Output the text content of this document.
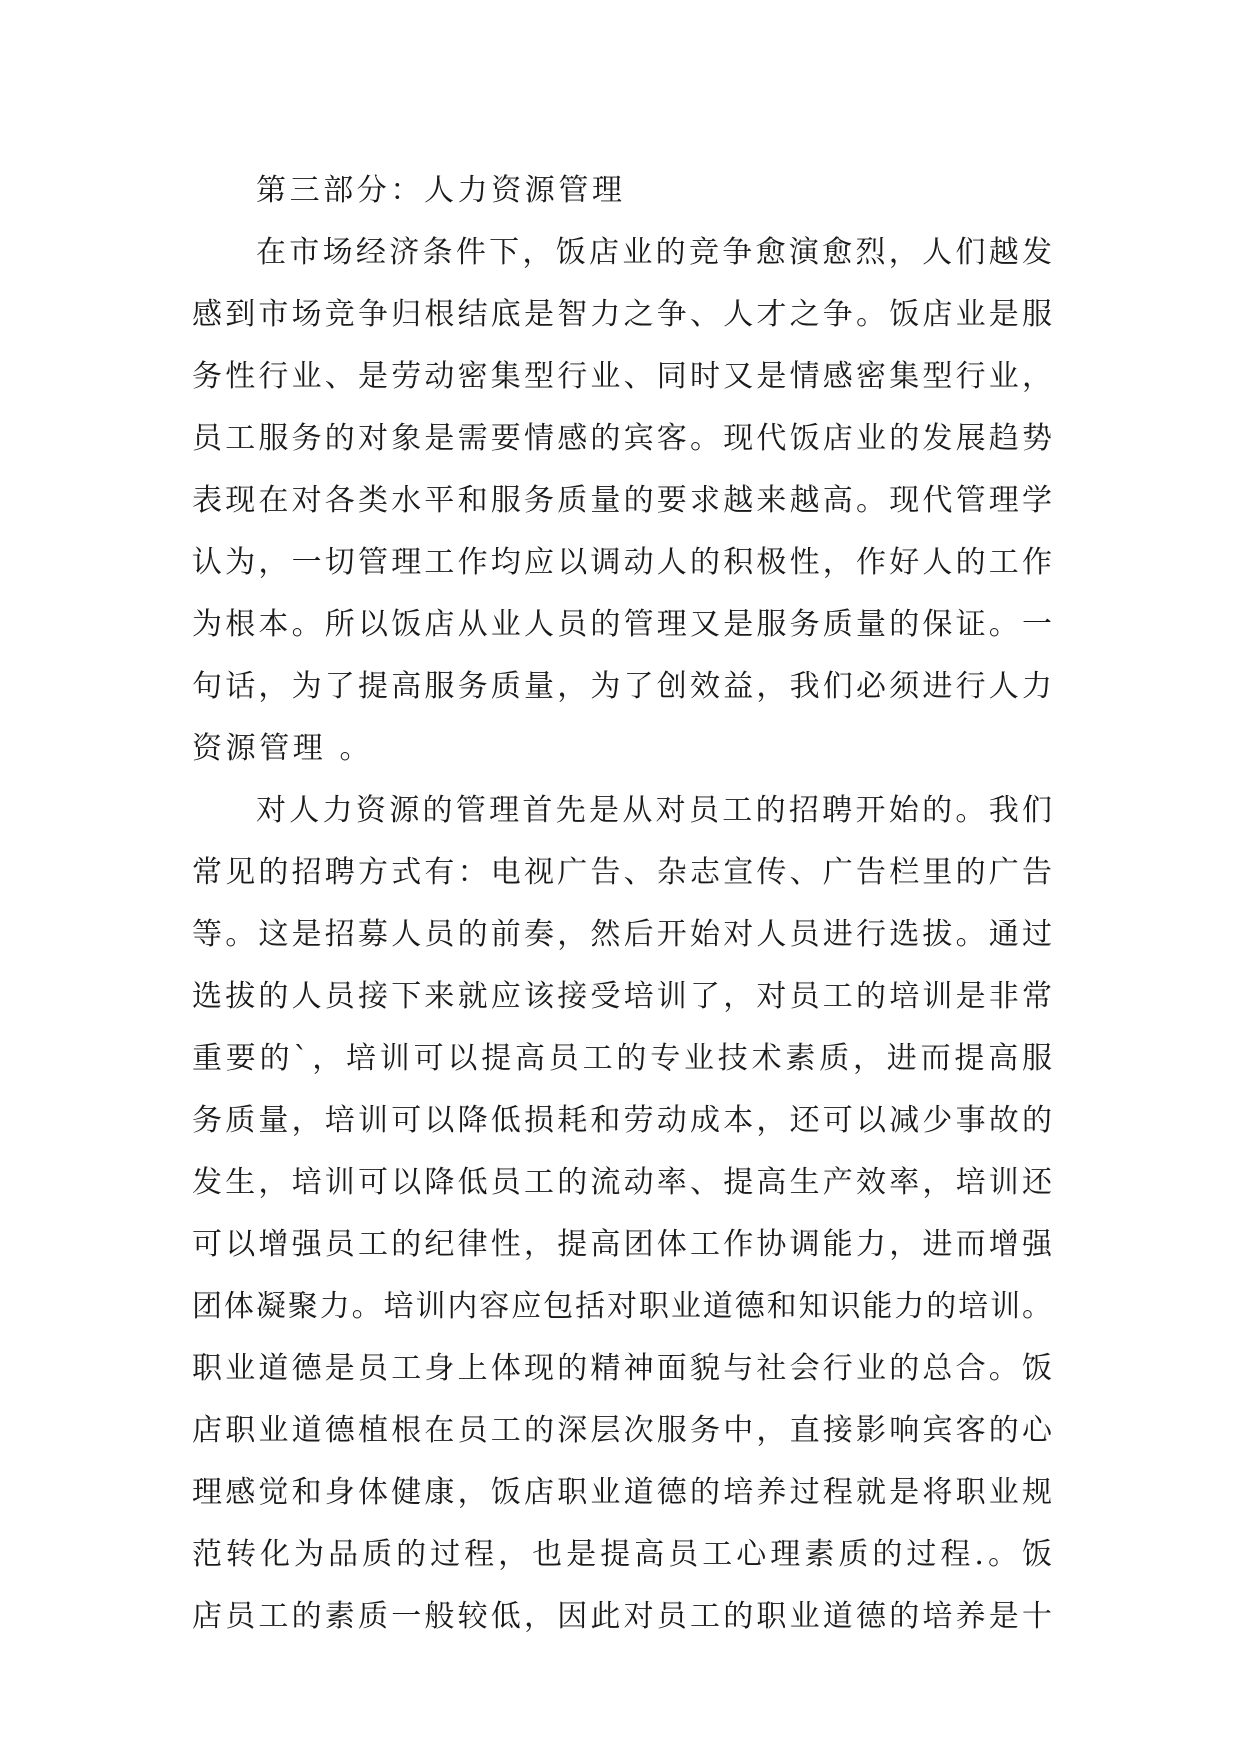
第三部分：人力资源管理
在市场经济条件下，饭店业的竞争愈演愈烈，人们越发
感到市场竞争归根结底是智力之争、人才之争。饭店业是服
务性行业、是劳动密集型行业、同时又是情感密集型行业，
员工服务的对象是需要情感的宾客。现代饭店业的发展趋势
表现在对各类水平和服务质量的要求越来越高。现代管理学
认为，一切管理工作均应以调动人的积极性，作好人的工作
为根本。所以饭店从业人员的管理又是服务质量的保证。一
句话，为了提高服务质量，为了创效益，我们必须进行人力
资源管理 。
对人力资源的管理首先是从对员工的招聘开始的。我们
常见的招聘方式有：电视广告、杂志宣传、广告栏里的广告
等。这是招募人员的前奏，然后开始对人员进行选拔。通过
选拔的人员接下来就应该接受培训了，对员工的培训是非常
重要的`，培训可以提高员工的专业技术素质，进而提高服
务质量，培训可以降低损耗和劳动成本，还可以减少事故的
发生，培训可以降低员工的流动率、提高生产效率，培训还
可以增强员工的纪律性，提高团体工作协调能力，进而增强
团体凝聚力。培训内容应包括对职业道德和知识能力的培训。
职业道德是员工身上体现的精神面貌与社会行业的总合。饭
店职业道德植根在员工的深层次服务中，直接影响宾客的心
理感觉和身体健康，饭店职业道德的培养过程就是将职业规
范转化为品质的过程，也是提高员工心理素质的过程.。饭
店员工的素质一般较低，因此对员工的职业道德的培养是十
